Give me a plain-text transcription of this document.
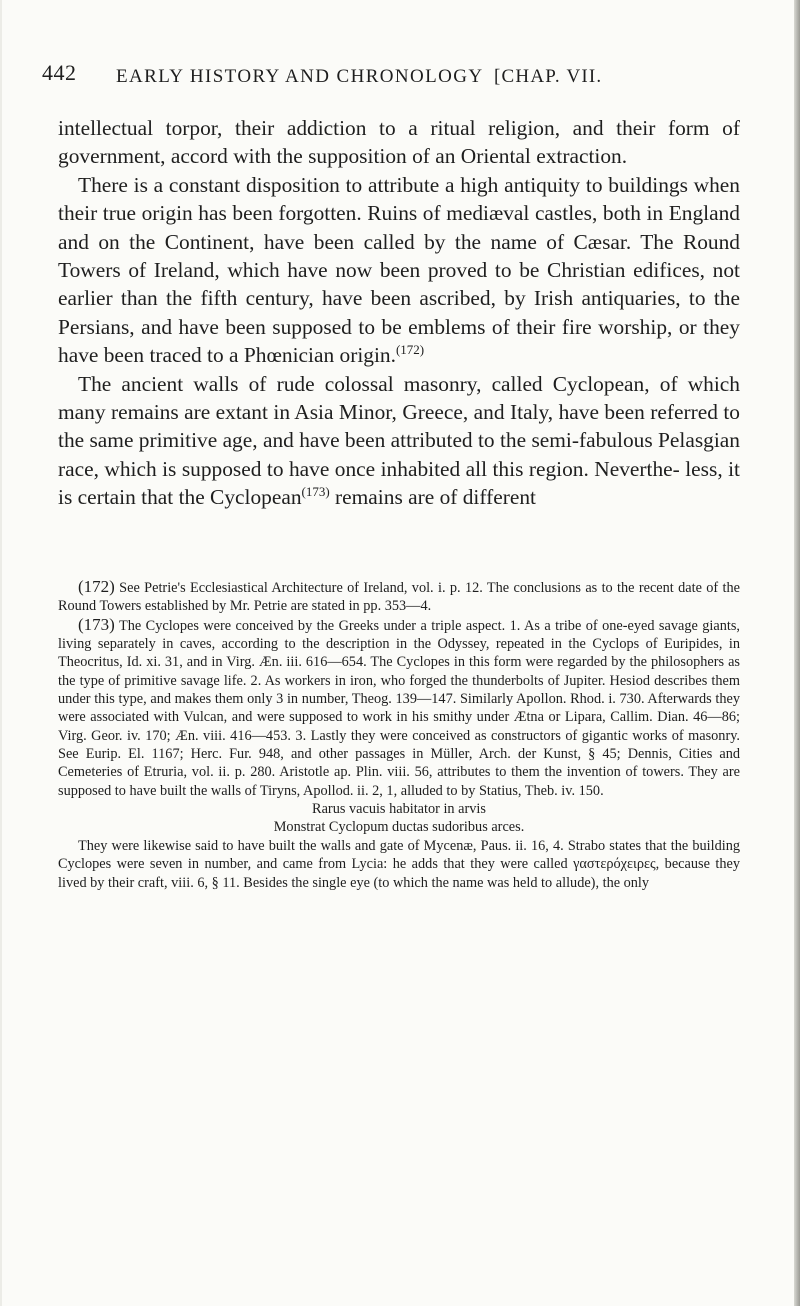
442 EARLY HISTORY AND CHRONOLOGY [CHAP. VII.

intellectual torpor, their addiction to a ritual religion, and their form of government, accord with the supposition of an Oriental extraction.

There is a constant disposition to attribute a high antiquity to buildings when their true origin has been forgotten. Ruins of mediæval castles, both in England and on the Continent, have been called by the name of Cæsar. The Round Towers of Ireland, which have now been proved to be Christian edifices, not earlier than the fifth century, have been ascribed, by Irish antiquaries, to the Persians, and have been supposed to be emblems of their fire worship, or they have been traced to a Phœnician origin.$^{(172)}$

The ancient walls of rude colossal masonry, called Cyclopean, of which many remains are extant in Asia Minor, Greece, and Italy, have been referred to the same primitive age, and have been attributed to the semi-fabulous Pelasgian race, which is supposed to have once inhabited all this region. Neverthe- less, it is certain that the Cyclopean$^{(173)}$ remains are of different

(172) See Petrie's Ecclesiastical Architecture of Ireland, vol. i. p. 12. The conclusions as to the recent date of the Round Towers established by Mr. Petrie are stated in pp. 353—4.

(173) The Cyclopes were conceived by the Greeks under a triple aspect. 1. As a tribe of one-eyed savage giants, living separately in caves, according to the description in the Odyssey, repeated in the Cyclops of Euripides, in Theocritus, Id. xi. 31, and in Virg. Æn. iii. 616—654. The Cyclopes in this form were regarded by the philosophers as the type of primitive savage life. 2. As workers in iron, who forged the thunderbolts of Jupiter. Hesiod describes them under this type, and makes them only 3 in number, Theog. 139—147. Similarly Apollon. Rhod. i. 730. Afterwards they were associated with Vulcan, and were supposed to work in his smithy under Ætna or Lipara, Callim. Dian. 46—86; Virg. Geor. iv. 170; Æn. viii. 416—453. 3. Lastly they were conceived as constructors of gigantic works of masonry. See Eurip. El. 1167; Herc. Fur. 948, and other passages in Müller, Arch. der Kunst, § 45; Dennis, Cities and Cemeteries of Etruria, vol. ii. p. 280. Aristotle ap. Plin. viii. 56, attributes to them the invention of towers. They are supposed to have built the walls of Tiryns, Apollod. ii. 2, 1, alluded to by Statius, Theb. iv. 150.

Rarus vacuis habitator in arvis

Monstrat Cyclopum ductas sudoribus arces.

They were likewise said to have built the walls and gate of Mycenæ, Paus. ii. 16, 4. Strabo states that the building Cyclopes were seven in number, and came from Lycia: he adds that they were called γαστερόχειρες, because they lived by their craft, viii. 6, § 11. Besides the single eye (to which the name was held to allude), the only
